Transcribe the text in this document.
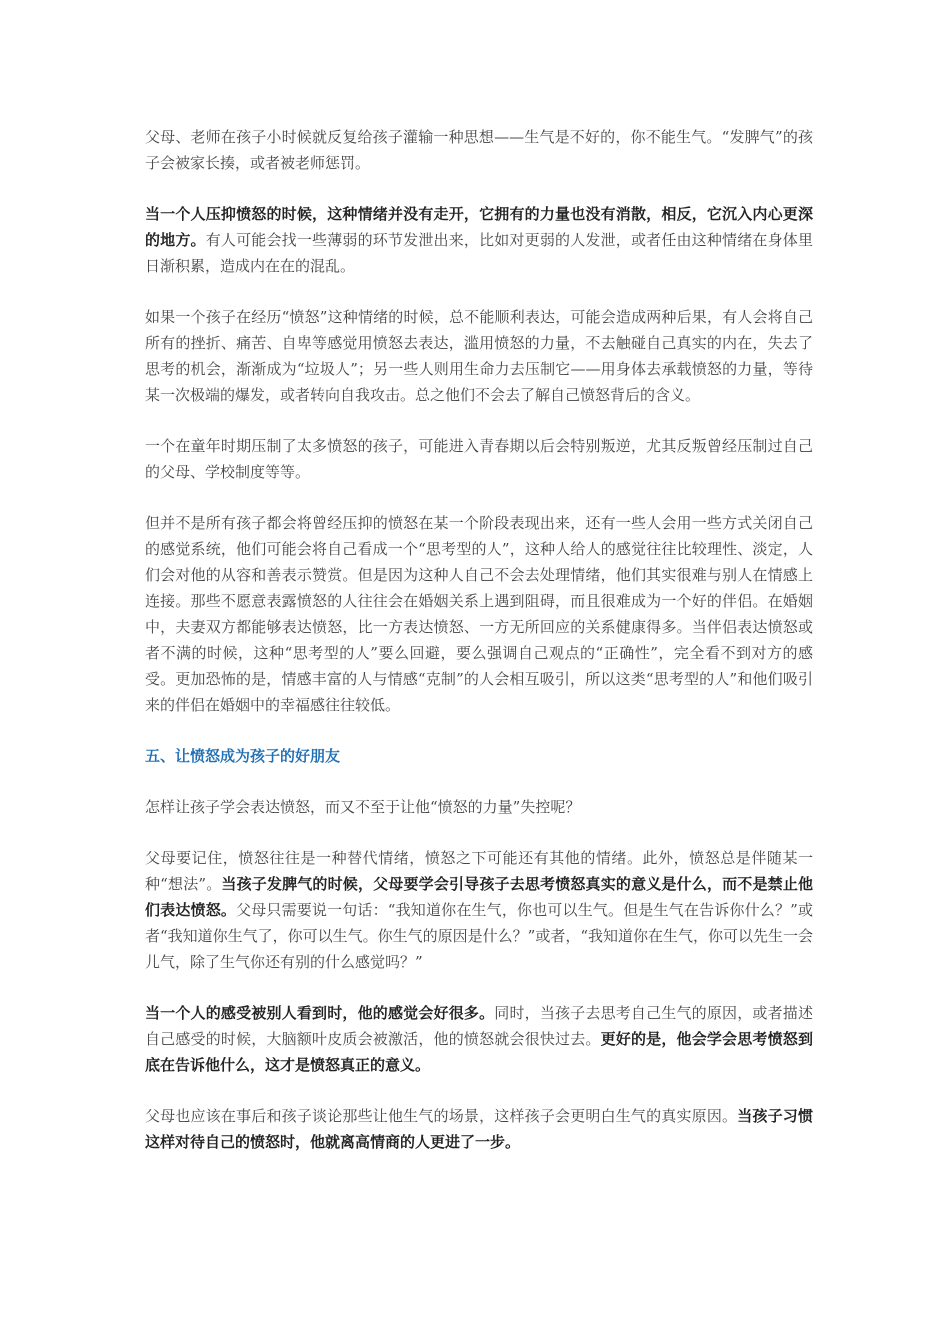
父母、老师在孩子小时候就反复给孩子灌输一种思想——生气是不好的，你不能生气。“发脾气”的孩子会被家长揍，或者被老师惩罚。

当一个人压抑愤怒的时候，这种情绪并没有走开，它拥有的力量也没有消散，相反，它沉入内心更深的地方。有人可能会找一些薄弱的环节发泄出来，比如对更弱的人发泄，或者任由这种情绪在身体里日渐积累，造成内在在的混乱。

如果一个孩子在经历“愤怒”这种情绪的时候，总不能顺利表达，可能会造成两种后果，有人会将自己所有的挫折、痛苦、自卑等感觉用愤怒去表达，滥用愤怒的力量，不去触碰自己真实的内在，失去了思考的机会，渐渐成为“垃圾人”；另一些人则用生命力去压制它——用身体去承载愤怒的力量，等待某一次极端的爆发，或者转向自我攻击。总之他们不会去了解自己愤怒背后的含义。

一个在童年时期压制了太多愤怒的孩子，可能进入青春期以后会特别叛逆，尤其反叛曾经压制过自己的父母、学校制度等等。

但并不是所有孩子都会将曾经压抑的愤怒在某一个阶段表现出来，还有一些人会用一些方式关闭自己的感觉系统，他们可能会将自己看成一个“思考型的人”，这种人给人的感觉往往比较理性、淡定，人们会对他的从容和善表示赞赏。但是因为这种人自己不会去处理情绪，他们其实很难与别人在情感上连接。那些不愿意表露愤怒的人往往会在婚姻关系上遇到阻碍，而且很难成为一个好的伴侣。在婚姻中，夫妻双方都能够表达愤怒，比一方表达愤怒、一方无所回应的关系健康得多。当伴侣表达愤怒或者不满的时候，这种“思考型的人”要么回避，要么强调自己观点的“正确性”，完全看不到对方的感受。更加恐怖的是，情感丰富的人与情感“克制”的人会相互吸引，所以这类“思考型的人”和他们吸引来的伴侣在婚姻中的幸福感往往较低。

五、让愤怒成为孩子的好朋友

怎样让孩子学会表达愤怒，而又不至于让他“愤怒的力量”失控呢？

父母要记住，愤怒往往是一种替代情绪，愤怒之下可能还有其他的情绪。此外，愤怒总是伴随某一种“想法”。当孩子发脾气的时候，父母要学会引导孩子去思考愤怒真实的意义是什么，而不是禁止他们表达愤怒。父母只需要说一句话：“我知道你在生气，你也可以生气。但是生气在告诉你什么？”或者“我知道你生气了，你可以生气。你生气的原因是什么？”或者，“我知道你在生气，你可以先生一会儿气，除了生气你还有别的什么感觉吗？”

当一个人的感受被别人看到时，他的感觉会好很多。同时，当孩子去思考自己生气的原因，或者描述自己感受的时候，大脑额叶皮质会被激活，他的愤怒就会很快过去。更好的是，他会学会思考愤怒到底在告诉他什么，这才是愤怒真正的意义。

父母也应该在事后和孩子谈论那些让他生气的场景，这样孩子会更明白生气的真实原因。当孩子习惯这样对待自己的愤怒时，他就离高情商的人更进了一步。
